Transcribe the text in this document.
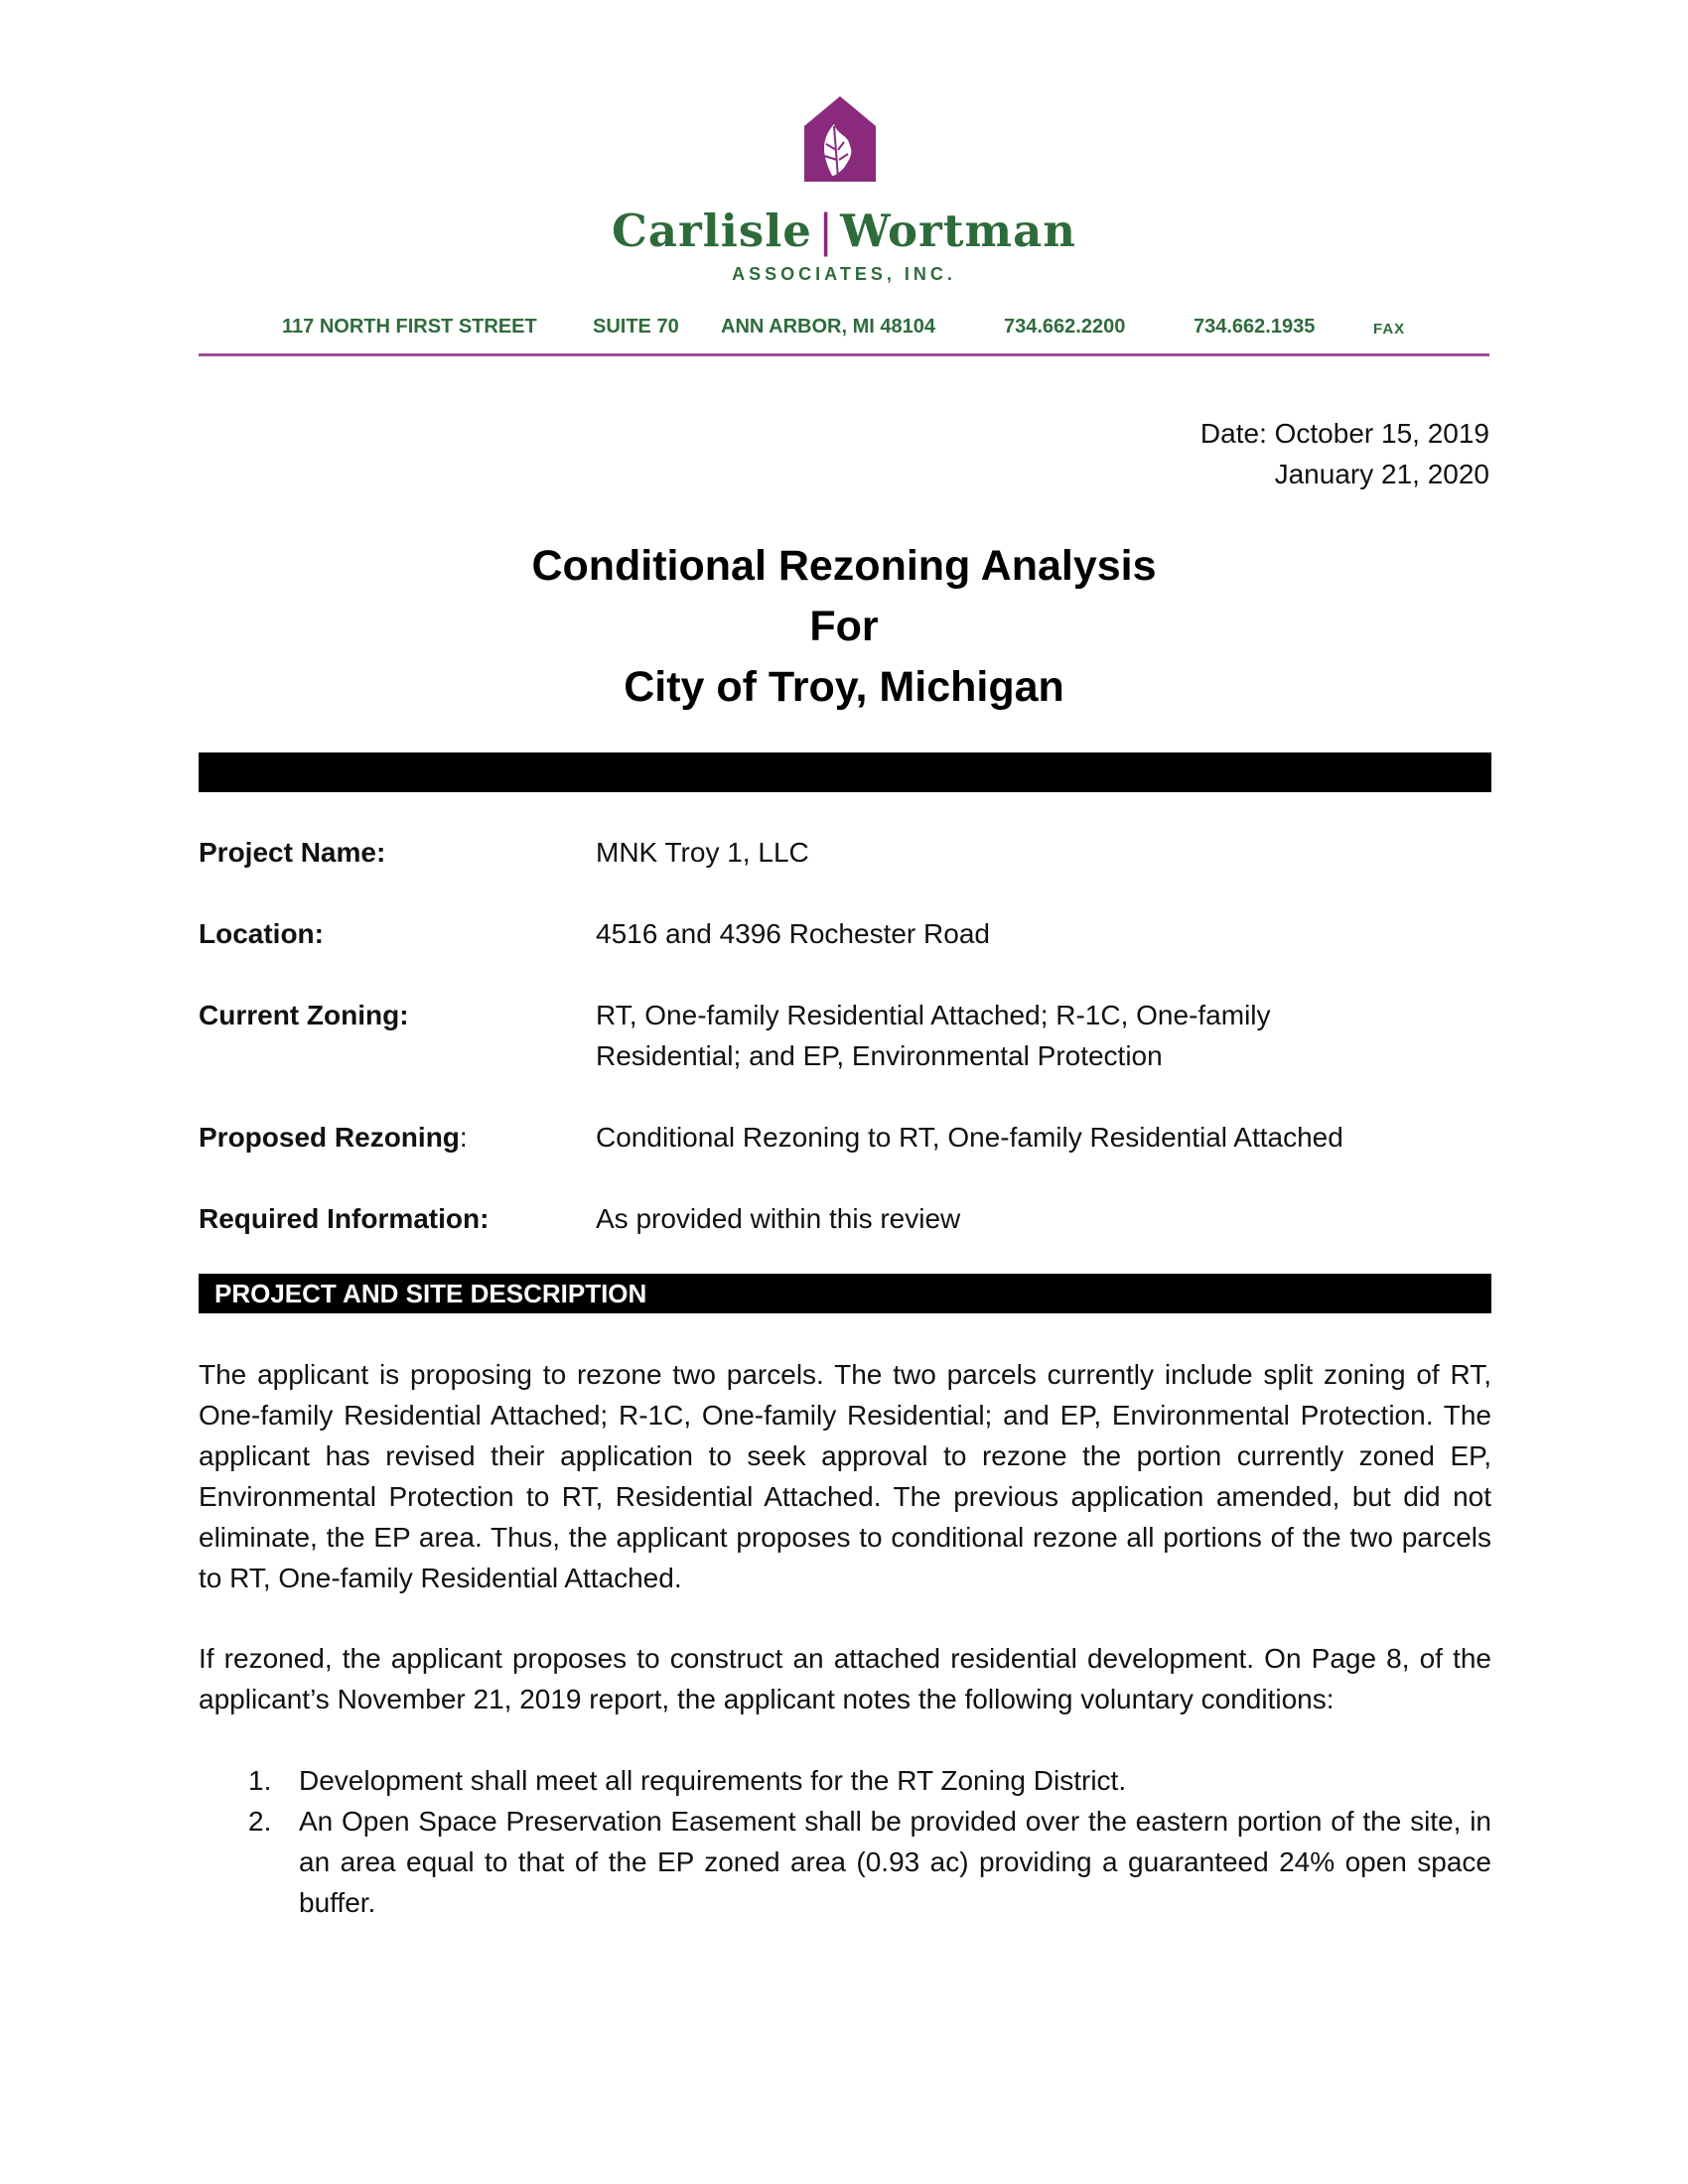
Carlisle | Wortman
ASSOCIATES, INC.
117 NORTH FIRST STREET	SUITE 70 ANN ARBOR, MI 48104	734.662.2200	734.662.1935	FAX
Date: October 15, 2019
January 21, 2020
Conditional Rezoning Analysis
For
City of Troy, Michigan
Project Name:	MNK Troy 1, LLC
Location:	4516 and 4396 Rochester Road
Current Zoning:	RT, One-family Residential Attached; R-1C, One-family Residential; and EP, Environmental Protection
Proposed Rezoning:	Conditional Rezoning to RT, One-family Residential Attached
Required Information:	As provided within this review
PROJECT AND SITE DESCRIPTION
The applicant is proposing to rezone two parcels. The two parcels currently include split zoning of RT, One-family Residential Attached; R-1C, One-family Residential; and EP, Environmental Protection. The applicant has revised their application to seek approval to rezone the portion currently zoned EP, Environmental Protection to RT, Residential Attached. The previous application amended, but did not eliminate, the EP area. Thus, the applicant proposes to conditional rezone all portions of the two parcels to RT, One-family Residential Attached.
If rezoned, the applicant proposes to construct an attached residential development. On Page 8, of the applicant’s November 21, 2019 report, the applicant notes the following voluntary conditions:
1. Development shall meet all requirements for the RT Zoning District.
2. An Open Space Preservation Easement shall be provided over the eastern portion of the site, in an area equal to that of the EP zoned area (0.93 ac) providing a guaranteed 24% open space buffer.
